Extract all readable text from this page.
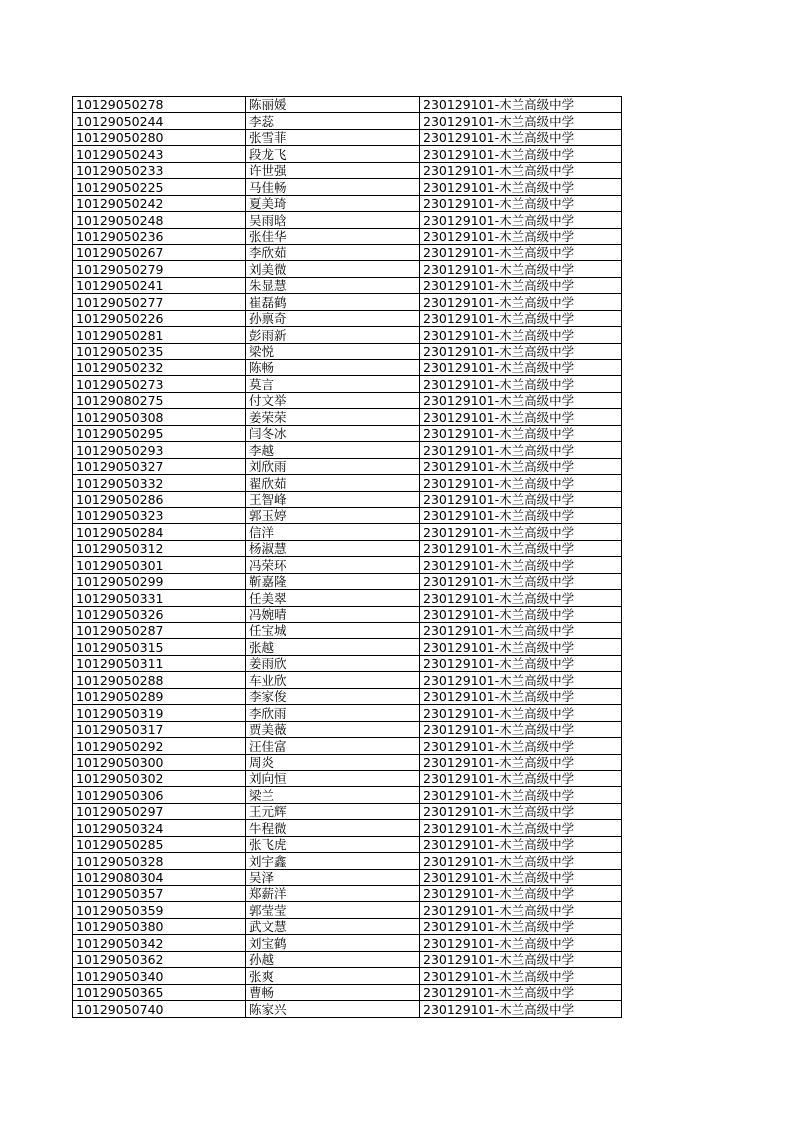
10129050278	陈丽媛	230129101-木兰高级中学
10129050244	李蕊	230129101-木兰高级中学
10129050280	张雪菲	230129101-木兰高级中学
10129050243	段龙飞	230129101-木兰高级中学
10129050233	许世强	230129101-木兰高级中学
10129050225	马佳畅	230129101-木兰高级中学
10129050242	夏美琦	230129101-木兰高级中学
10129050248	吴雨晗	230129101-木兰高级中学
10129050236	张佳华	230129101-木兰高级中学
10129050267	李欣茹	230129101-木兰高级中学
10129050279	刘美微	230129101-木兰高级中学
10129050241	朱显慧	230129101-木兰高级中学
10129050277	崔磊鹤	230129101-木兰高级中学
10129050226	孙禀奇	230129101-木兰高级中学
10129050281	彭雨新	230129101-木兰高级中学
10129050235	梁悦	230129101-木兰高级中学
10129050232	陈畅	230129101-木兰高级中学
10129050273	莫言	230129101-木兰高级中学
10129080275	付文举	230129101-木兰高级中学
10129050308	姜荣荣	230129101-木兰高级中学
10129050295	闫冬冰	230129101-木兰高级中学
10129050293	李越	230129101-木兰高级中学
10129050327	刘欣雨	230129101-木兰高级中学
10129050332	翟欣茹	230129101-木兰高级中学
10129050286	王智峰	230129101-木兰高级中学
10129050323	郭玉婷	230129101-木兰高级中学
10129050284	信洋	230129101-木兰高级中学
10129050312	杨淑慧	230129101-木兰高级中学
10129050301	冯荣环	230129101-木兰高级中学
10129050299	靳嘉隆	230129101-木兰高级中学
10129050331	任美翠	230129101-木兰高级中学
10129050326	冯婉晴	230129101-木兰高级中学
10129050287	任宝城	230129101-木兰高级中学
10129050315	张越	230129101-木兰高级中学
10129050311	姜雨欣	230129101-木兰高级中学
10129050288	车业欣	230129101-木兰高级中学
10129050289	李家俊	230129101-木兰高级中学
10129050319	李欣雨	230129101-木兰高级中学
10129050317	贾美薇	230129101-木兰高级中学
10129050292	汪佳富	230129101-木兰高级中学
10129050300	周炎	230129101-木兰高级中学
10129050302	刘向恒	230129101-木兰高级中学
10129050306	梁兰	230129101-木兰高级中学
10129050297	王元辉	230129101-木兰高级中学
10129050324	牛程微	230129101-木兰高级中学
10129050285	张飞虎	230129101-木兰高级中学
10129050328	刘宇鑫	230129101-木兰高级中学
10129080304	吴泽	230129101-木兰高级中学
10129050357	郑薪洋	230129101-木兰高级中学
10129050359	郭莹莹	230129101-木兰高级中学
10129050380	武文慧	230129101-木兰高级中学
10129050342	刘宝鹤	230129101-木兰高级中学
10129050362	孙越	230129101-木兰高级中学
10129050340	张爽	230129101-木兰高级中学
10129050365	曹畅	230129101-木兰高级中学
10129050740	陈家兴	230129101-木兰高级中学
